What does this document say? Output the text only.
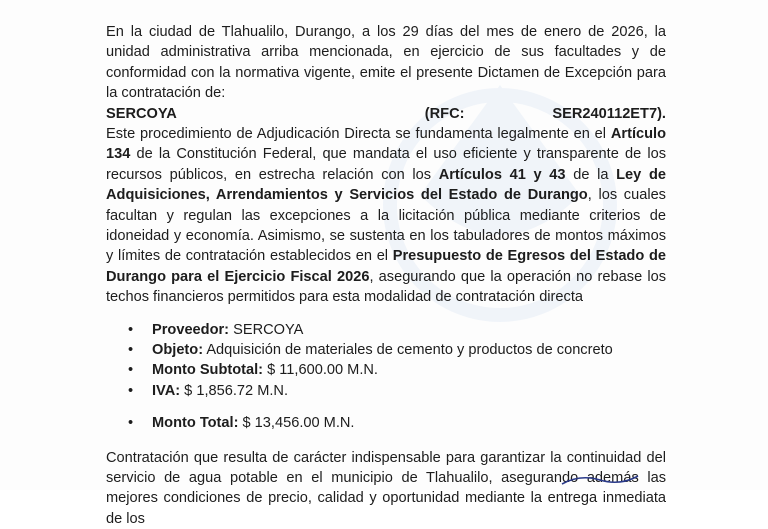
En la ciudad de Tlahualilo, Durango, a los 29 días del mes de enero de 2026, la unidad administrativa arriba mencionada, en ejercicio de sus facultades y de conformidad con la normativa vigente, emite el presente Dictamen de Excepción para la contratación de:

SERCOYA	(RFC:	SER240112ET7).

Este procedimiento de Adjudicación Directa se fundamenta legalmente en el Artículo 134 de la Constitución Federal, que mandata el uso eficiente y transparente de los recursos públicos, en estrecha relación con los Artículos 41 y 43 de la Ley de Adquisiciones, Arrendamientos y Servicios del Estado de Durango, los cuales facultan y regulan las excepciones a la licitación pública mediante criterios de idoneidad y economía. Asimismo, se sustenta en los tabuladores de montos máximos y límites de contratación establecidos en el Presupuesto de Egresos del Estado de Durango para el Ejercicio Fiscal 2026, asegurando que la operación no rebase los techos financieros permitidos para esta modalidad de contratación directa

• Proveedor: SERCOYA
• Objeto: Adquisición de materiales de cemento y productos de concreto
• Monto Subtotal: $ 11,600.00 M.N.
• IVA: $ 1,856.72 M.N.
• Monto Total: $ 13,456.00 M.N.

Contratación que resulta de carácter indispensable para garantizar la continuidad del servicio de agua potable en el municipio de Tlahualilo, asegurando además las mejores condiciones de precio, calidad y oportunidad mediante la entrega inmediata de los
